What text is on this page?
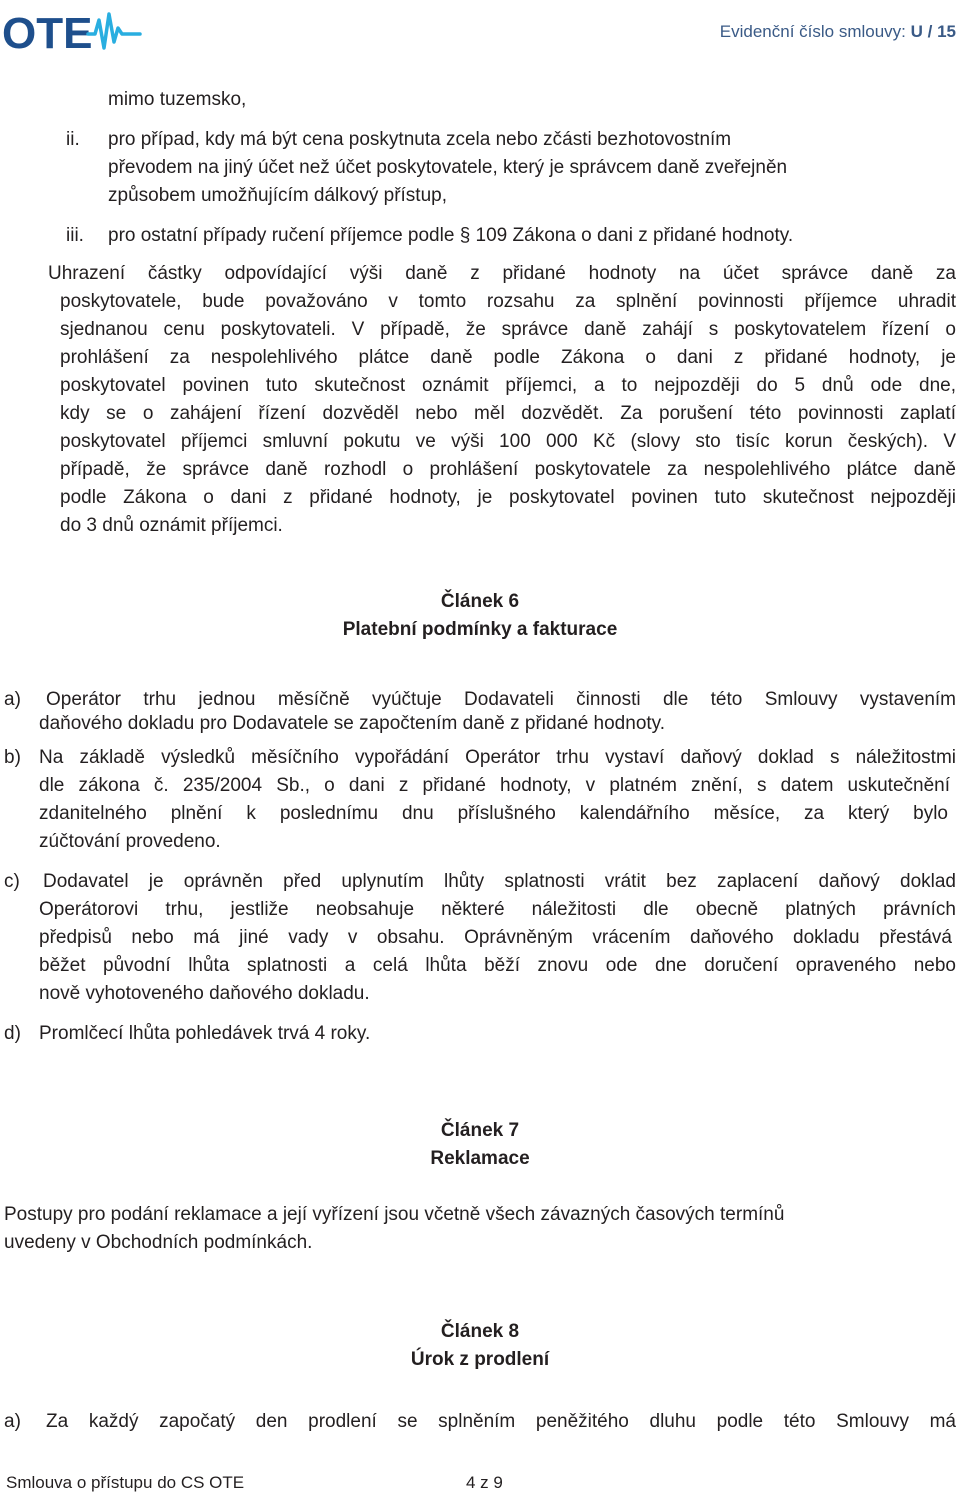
OTE	Evidenční číslo smlouvy: U / 15
mimo tuzemsko,
ii. pro případ, kdy má být cena poskytnuta zcela nebo zčásti bezhotovostním
převodem na jiný účet než účet poskytovatele, který je správcem daně zveřejněn
způsobem umožňujícím dálkový přístup,
iii. pro ostatní případy ručení příjemce podle § 109 Zákona o dani z přidané hodnoty.
Uhrazení částky odpovídající výši daně z přidané hodnoty na účet správce daně za
poskytovatele, bude považováno v tomto rozsahu za splnění povinnosti příjemce uhradit
sjednanou cenu poskytovateli. V případě, že správce daně zahájí s poskytovatelem řízení o
prohlášení za nespolehlivého plátce daně podle Zákona o dani z přidané hodnoty, je
poskytovatel povinen tuto skutečnost oznámit příjemci, a to nejpozději do 5 dnů ode dne,
kdy se o zahájení řízení dozvěděl nebo měl dozvědět. Za porušení této povinnosti zaplatí
poskytovatel příjemci smluvní pokutu ve výši 100 000 Kč (slovy sto tisíc korun českých). V
případě, že správce daně rozhodl o prohlášení poskytovatele za nespolehlivého plátce daně
podle Zákona o dani z přidané hodnoty, je poskytovatel povinen tuto skutečnost nejpozději
do 3 dnů oznámit příjemci.
Článek 6
Platební podmínky a fakturace
a) Operátor trhu jednou měsíčně vyúčtuje Dodavateli činnosti dle této Smlouvy vystavením
daňového dokladu pro Dodavatele se započtením daně z přidané hodnoty.
b) Na základě výsledků měsíčního vypořádání Operátor trhu vystaví daňový doklad s náležitostmi
dle zákona č. 235/2004 Sb., o dani z přidané hodnoty, v platném znění, s datem uskutečnění
zdanitelného plnění k poslednímu dnu příslušného kalendářního měsíce, za který bylo
zúčtování provedeno.
c) Dodavatel je oprávněn před uplynutím lhůty splatnosti vrátit bez zaplacení daňový doklad
Operátorovi trhu, jestliže neobsahuje některé náležitosti dle obecně platných právních
předpisů nebo má jiné vady v obsahu. Oprávněným vrácením daňového dokladu přestává
běžet původní lhůta splatnosti a celá lhůta běží znovu ode dne doručení opraveného nebo
nově vyhotoveného daňového dokladu.
d) Promlčecí lhůta pohledávek trvá 4 roky.
Článek 7
Reklamace
Postupy pro podání reklamace a její vyřízení jsou včetně všech závazných časových termínů
uvedeny v Obchodních podmínkách.
Článek 8
Úrok z prodlení
a) Za každý započatý den prodlení se splněním peněžitého dluhu podle této Smlouvy má
Smlouva o přístupu do CS OTE	4 z 9
